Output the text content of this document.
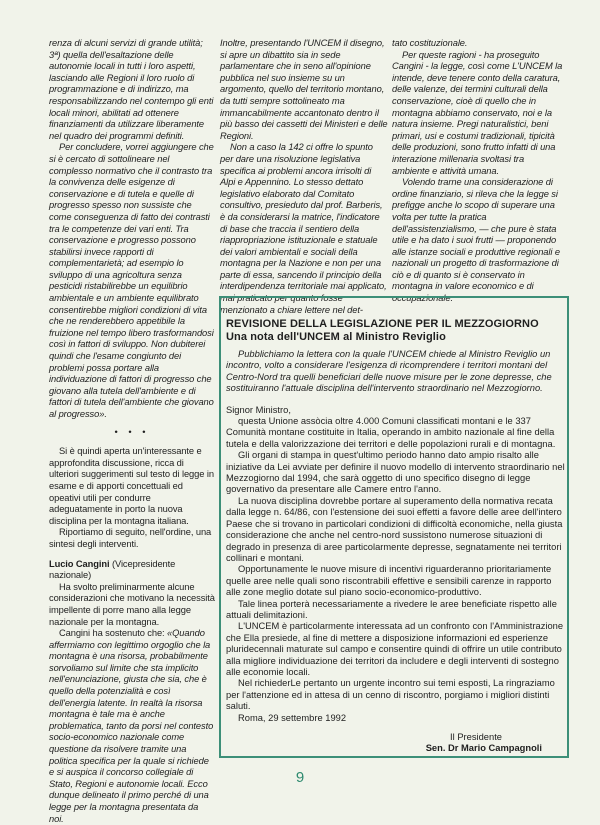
renza di alcuni servizi di grande utilità; 3ª) quella dell'esaltazione delle autonomie locali in tutti i loro aspetti, lasciando alle Regioni il loro ruolo di programmazione e di indirizzo, ma responsabilizzando nel contempo gli enti locali minori, abilitati ad ottenere finanziamenti da utilizzare liberamente nel quadro dei programmi definiti.

Per concludere, vorrei aggiungere che si è cercato di sottolineare nel complesso normativo che il contrasto tra la convivenza delle esigenze di conservazione e di tutela e quelle di progresso spesso non sussiste che come conseguenza di fatto dei contrasti tra le competenze dei vari enti. Tra conservazione e progresso possono stabilirsi invece rapporti di complementarietà; ad esempio lo sviluppo di una agricoltura senza pesticidi ristabilirebbe un equilibrio ambientale e un ambiente equilibrato consentirebbe migliori condizioni di vita che ne renderebbero appetibile la fruizione nel tempo libero trasformandosi così in fattori di sviluppo. Non dubiterei quindi che l'esame congiunto dei problemi possa portare alla individuazione di fattori di progresso che giovano alla tutela dell'ambiente e di fattori di tutela dell'ambiente che giovano al progresso».

• • •

Si è quindi aperta un'interessante e approfondita discussione, ricca di ulteriori suggerimenti sul testo di legge in esame e di apporti concettuali ed opeativi utili per condurre adeguatamente in porto la nuova disciplina per la montagna italiana.

Riportiamo di seguito, nell'ordine, una sintesi degli interventi.

Lucio Cangini (Vicepresidente nazionale)

Ha svolto preliminarmente alcune considerazioni che motivano la necessità impellente di porre mano alla legge nazionale per la montagna.

Cangini ha sostenuto che: «Quando affermiamo con legittimo orgoglio che la montagna è una risorsa, probabilmente sorvoliamo sul limite che sta implicito nell'enunciazione, giusta che sia, che è quello della potenzialità e così dell'energia latente. In realtà la risorsa montagna è tale ma è anche problematica, tanto da porsi nel contesto socio-economico nazionale come questione da risolvere tramite una politica specifica per la quale si richiede e si auspica il concorso collegiale di Stato, Regioni e autonomie locali. Ecco dunque delineato il primo perché di una legge per la montagna presentata da noi.

Inoltre, presentando l'UNCEM il disegno, si apre un dibattito sia in sede parlamentare che in seno all'opinione pubblica nel suo insieme su un argomento, quello del territorio montano, da tutti sempre sottolineato ma immancabilmente accantonato dentro il più basso dei cassetti dei Ministeri e delle Regioni.

Non a caso la 142 ci offre lo spunto per dare una risoluzione legislativa specifica ai problemi ancora irrisolti di Alpi e Appennino. Lo stesso dettato legislativo elaborato dal Comitato consultivo, presieduto dal prof. Barberis, è da considerarsi la matrice, l'indicatore di base che traccia il sentiero della riappropriazione istituzionale e statuale dei valori ambientali e sociali della montagna per la Nazione e non per una parte di essa, sancendo il principio della interdipendenza territoriale mai applicato, mai praticato per quanto fosse menzionato a chiare lettere nel det-

tato costituzionale.

Per queste ragioni - ha proseguito Cangini - la legge, così come L'UNCEM la intende, deve tenere conto della caratura, delle valenze, dei termini culturali della conservazione, cioè di quello che in montagna abbiamo conservato, noi e la natura insieme. Pregi naturalistici, beni primari, usi e costumi tradizionali, tipicità delle produzioni, sono frutto infatti di una interazione millenaria svoltasi tra ambiente e attività umana.

Volendo trarne una considerazione di ordine finanziario, si rileva che la legge si prefigge anche lo scopo di superare una volta per tutte la pratica dell'assistenzialismo, — che pure è stata utile e ha dato i suoi frutti — proponendo alle istanze sociali e produttive regionali e nazionali un progetto di trasformazione di ciò e di quanto si è conservato in montagna in valore economico e di occupazionale.

REVISIONE DELLA LEGISLAZIONE PER IL MEZZOGIORNO

Una nota dell'UNCEM al Ministro Reviglio

Pubblichiamo la lettera con la quale l'UNCEM chiede al Ministro Reviglio un incontro, volto a considerare l'esigenza di ricomprendere i territori montani del Centro-Nord tra quelli beneficiari delle nuove misure per le zone depresse, che sostituiranno l'attuale disciplina dell'intervento straordinario nel Mezzogiorno.

Signor Ministro,

questa Unione assòcia oltre 4.000 Comuni classificati montani e le 337 Comunità montane costituite in Italia, operando in ambito nazionale al fine della tutela e della valorizzazione dei territori e delle popolazioni rurali e di montagna.

Gli organi di stampa in quest'ultimo periodo hanno dato ampio risalto alle iniziative da Lei avviate per definire il nuovo modello di intervento straordinario nel Mezzogiorno dal 1994, che sarà oggetto di uno specifico disegno di legge governativo da presentare alle Camere entro l'anno.

La nuova disciplina dovrebbe portare al superamento della normativa recata dalla legge n. 64/86, con l'estensione dei suoi effetti a favore delle aree dell'intero Paese che si trovano in particolari condizioni di difficoltà economiche, nella giusta considerazione che anche nel centro-nord sussistono numerose situazioni di degrado in presenza di aree particolarmente depresse, segnatamente nei territori collinari e montani.

Opportunamente le nuove misure di incentivi riguarderanno prioritariamente quelle aree nelle quali sono riscontrabili effettive e sensibili carenze in rapporto alle zone meglio dotate sul piano socio-economico-produttivo.

Tale linea porterà necessariamente a rivedere le aree beneficiate rispetto alle attuali delimitazioni.

L'UNCEM è particolarmente interessata ad un confronto con l'Amministrazione che Ella presiede, al fine di mettere a disposizione informazioni ed esperienze pluridecennali maturate sul campo e consentire quindi di offrire un utile contributo alla migliore individuazione dei territori da includere e degli interventi di sostegno alle economie locali.

Nel richiederLe pertanto un urgente incontro sui temi esposti, La ringraziamo per l'attenzione ed in attesa di un cenno di riscontro, porgiamo i migliori distinti saluti.

Roma, 29 settembre 1992

Il Presidente

Sen. Dr Mario Campagnoli

9
